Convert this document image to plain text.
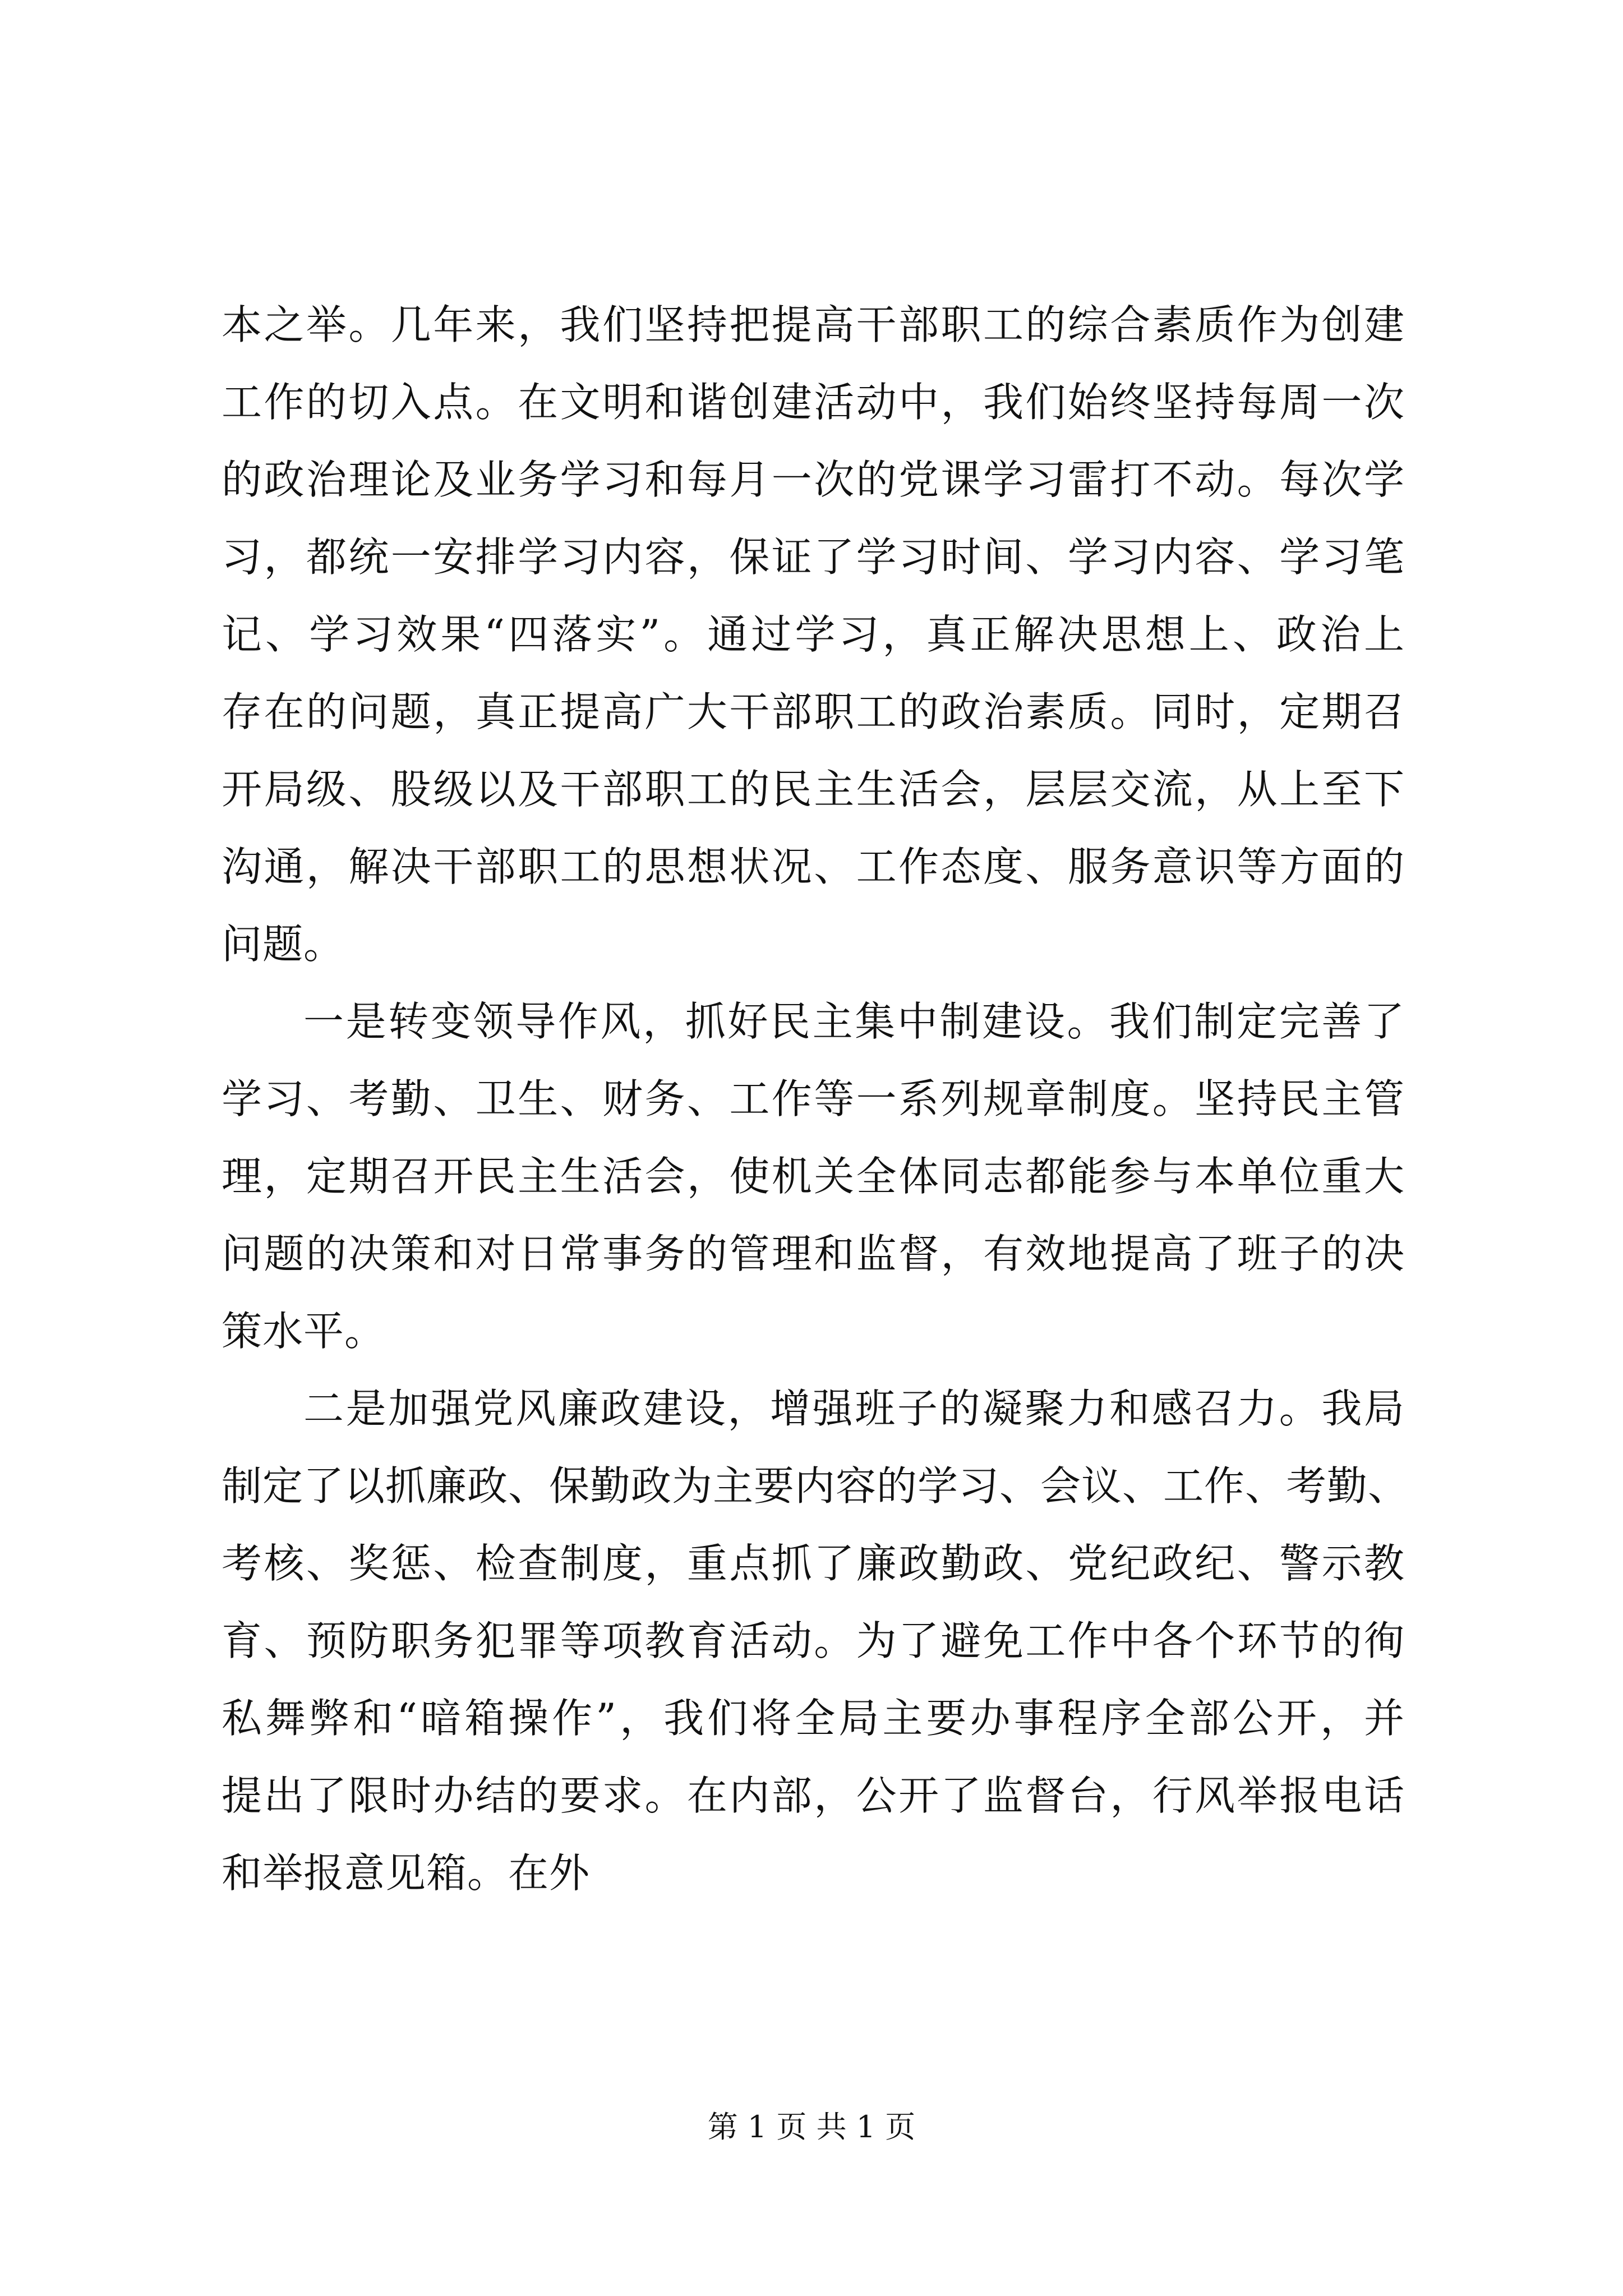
本之举。几年来，我们坚持把提高干部职工的综合素质作为创建
工作的切入点。在文明和谐创建活动中，我们始终坚持每周一次
的政治理论及业务学习和每月一次的党课学习雷打不动。每次学
习，都统一安排学习内容，保证了学习时间、学习内容、学习笔
记、学习效果“四落实”。通过学习，真正解决思想上、政治上
存在的问题，真正提高广大干部职工的政治素质。同时，定期召
开局级、股级以及干部职工的民主生活会，层层交流，从上至下
沟通，解决干部职工的思想状况、工作态度、服务意识等方面的
问题。
一是转变领导作风，抓好民主集中制建设。我们制定完善了
学习、考勤、卫生、财务、工作等一系列规章制度。坚持民主管
理，定期召开民主生活会，使机关全体同志都能参与本单位重大
问题的决策和对日常事务的管理和监督，有效地提高了班子的决
策水平。
二是加强党风廉政建设，增强班子的凝聚力和感召力。我局
制定了以抓廉政、保勤政为主要内容的学习、会议、工作、考勤、
考核、奖惩、检查制度，重点抓了廉政勤政、党纪政纪、警示教
育、预防职务犯罪等项教育活动。为了避免工作中各个环节的徇
私舞弊和“暗箱操作”，我们将全局主要办事程序全部公开，并
提出了限时办结的要求。在内部，公开了监督台，行风举报电话
和举报意见箱。在外
第 1 页 共 1 页
